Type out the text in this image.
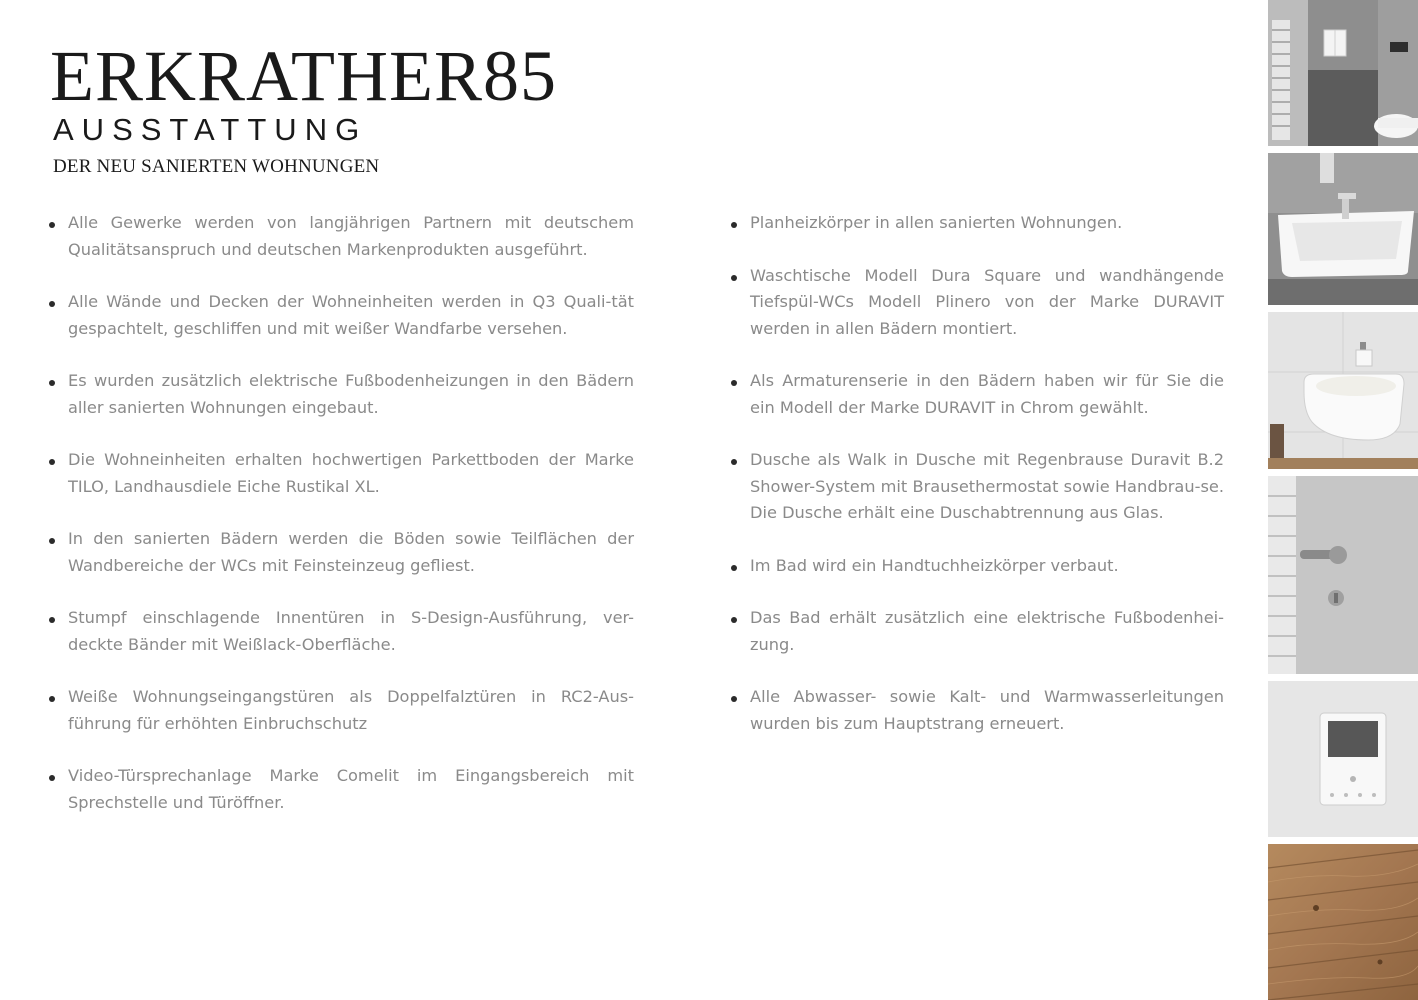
ERKRATHER85
AUSSTATTUNG
DER NEU SANIERTEN WOHNUNGEN
Alle Gewerke werden von langjährigen Partnern mit deutschem Qualitätsanspruch und deutschen Markenprodukten ausgeführt.
Alle Wände und Decken der Wohneinheiten werden in Q3 Quali-tät gespachtelt, geschliffen und mit weißer Wandfarbe versehen.
Es wurden zusätzlich elektrische Fußbodenheizungen in den Bädern aller sanierten Wohnungen eingebaut.
Die Wohneinheiten erhalten hochwertigen Parkettboden der Marke TILO, Landhausdiele Eiche Rustikal XL.
In den sanierten Bädern werden die Böden sowie Teilflächen der Wandbereiche der WCs mit Feinsteinzeug gefliest.
Stumpf einschlagende Innentüren in S-Design-Ausführung, ver-deckte Bänder mit Weißlack-Oberfläche.
Weiße Wohnungseingangstüren als Doppelfalztüren in RC2-Aus-führung für erhöhten Einbruchschutz
Video-Türsprechanlage Marke Comelit im Eingangsbereich mit Sprechstelle und Türöffner.
Planheizkörper in allen sanierten Wohnungen.
Waschtische Modell Dura Square und wandhängende Tiefspül-WCs Modell Plinero von der Marke DURAVIT werden in allen Bädern montiert.
Als Armaturenserie in den Bädern haben wir für Sie die ein Modell der Marke DURAVIT in Chrom gewählt.
Dusche als Walk in Dusche mit Regenbrause Duravit B.2 Shower-System mit Brausethermostat sowie Handbrau-se. Die Dusche erhält eine Duschabtrennung aus Glas.
Im Bad wird ein Handtuchheizkörper verbaut.
Das Bad erhält zusätzlich eine elektrische Fußbodenhei-zung.
Alle Abwasser- sowie Kalt- und Warmwasserleitungen wurden bis zum Hauptstrang erneuert.
